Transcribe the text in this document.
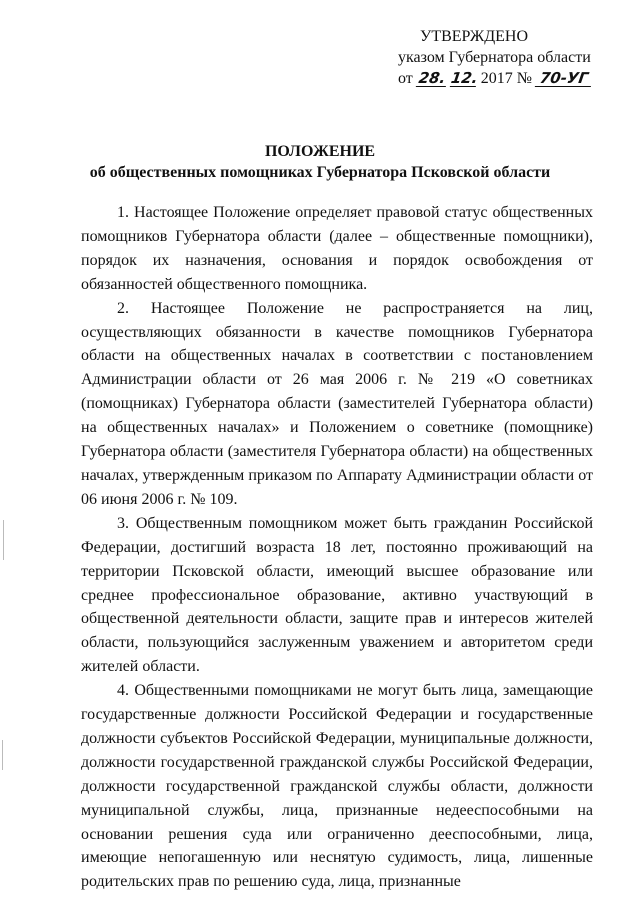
УТВЕРЖДЕНО
указом Губернатора области
от 28. 12. 2017 № 70-УГ
ПОЛОЖЕНИЕ
об общественных помощниках Губернатора Псковской области

1. Настоящее Положение определяет правовой статус общественных помощников Губернатора области (далее – общественные помощники), порядок их назначения, основания и порядок освобождения от обязанностей общественного помощника.

2. Настоящее Положение не распространяется на лиц, осуществляющих обязанности в качестве помощников Губернатора области на общественных началах в соответствии с постановлением Администрации области от 26 мая 2006 г. № 219 «О советниках (помощниках) Губернатора области (заместителей Губернатора области) на общественных началах» и Положением о советнике (помощнике) Губернатора области (заместителя Губернатора области) на общественных началах, утвержденным приказом по Аппарату Администрации области от 06 июня 2006 г. № 109.

3. Общественным помощником может быть гражданин Российской Федерации, достигший возраста 18 лет, постоянно проживающий на территории Псковской области, имеющий высшее образование или среднее профессиональное образование, активно участвующий в общественной деятельности области, защите прав и интересов жителей области, пользующийся заслуженным уважением и авторитетом среди жителей области.

4. Общественными помощниками не могут быть лица, замещающие государственные должности Российской Федерации и государственные должности субъектов Российской Федерации, муниципальные должности, должности государственной гражданской службы Российской Федерации, должности государственной гражданской службы области, должности муниципальной службы, лица, признанные недееспособными на основании решения суда или ограниченно дееспособными, лица, имеющие непогашенную или неснятую судимость, лица, лишенные родительских прав по решению суда, лица, признанные
